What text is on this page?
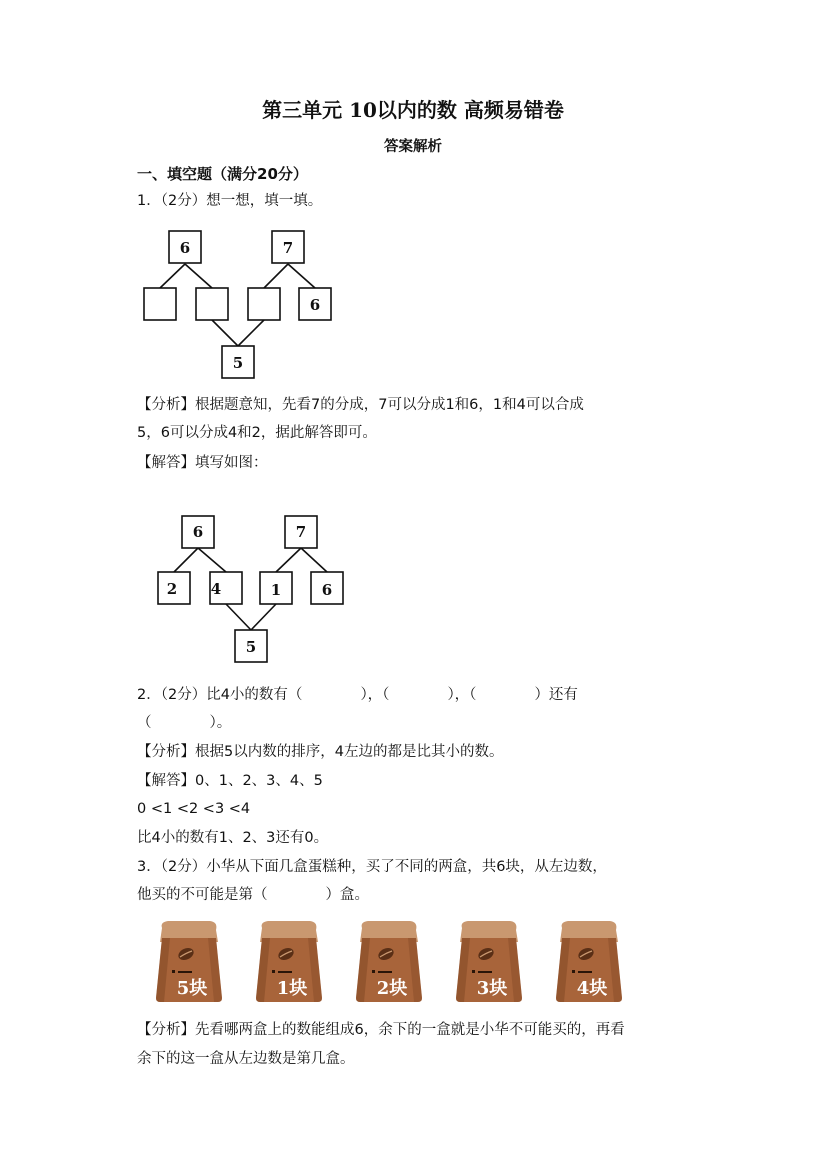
第三单元 10以内的数 高频易错卷
答案解析
一、填空题（满分20分）
1．（2分）想一想，填一填。
6	7
6
5
【分析】根据题意知，先看7的分成，7可以分成1和6，1和4可以合成
5，6可以分成4和2，据此解答即可。
【解答】填写如图：
6	7
2 4	1	6
5
2．（2分）比4小的数有（	），（	），（	）还有
（	）。
【分析】根据5以内数的排序，4左边的都是比其小的数。
【解答】0、1、2、3、4、5
0 <1 <2 <3 <4
比4小的数有1、2、3还有0。
3．（2分）小华从下面几盒蛋糕种，买了不同的两盒，共6块，从左边数，
他买的不可能是第（	）盒。
5块	1块	2块	3块	4块
【分析】先看哪两盒上的数能组成6，余下的一盒就是小华不可能买的，再看
余下的这一盒从左边数是第几盒。
